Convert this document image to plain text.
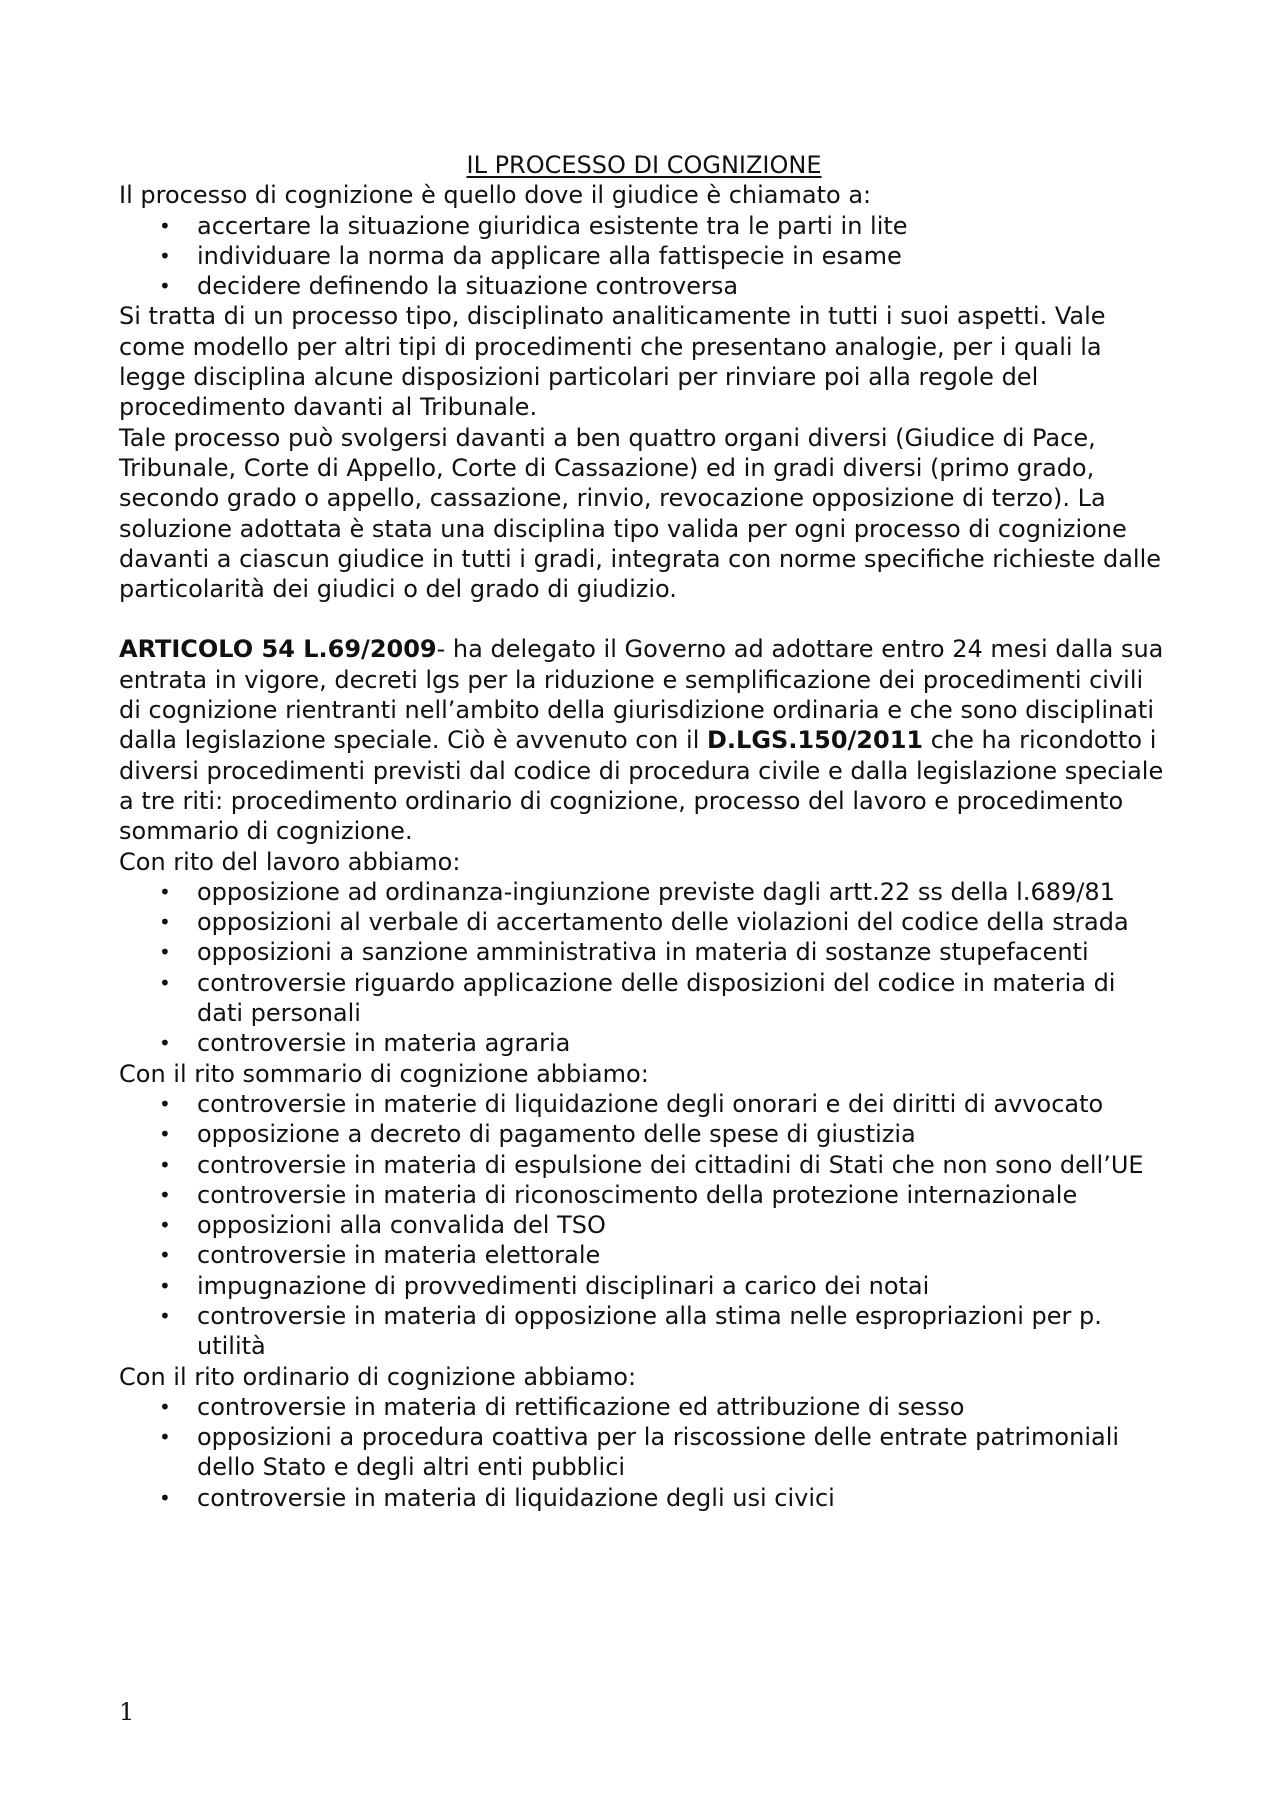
IL PROCESSO DI COGNIZIONE

Il processo di cognizione è quello dove il giudice è chiamato a:

• accertare la situazione giuridica esistente tra le parti in lite
• individuare la norma da applicare alla fattispecie in esame
• decidere definendo la situazione controversa

Si tratta di un processo tipo, disciplinato analiticamente in tutti i suoi aspetti. Vale come modello per altri tipi di procedimenti che presentano analogie, per i quali la legge disciplina alcune disposizioni particolari per rinviare poi alla regole del procedimento davanti al Tribunale.

Tale processo può svolgersi davanti a ben quattro organi diversi (Giudice di Pace, Tribunale, Corte di Appello, Corte di Cassazione) ed in gradi diversi (primo grado, secondo grado o appello, cassazione, rinvio, revocazione opposizione di terzo). La soluzione adottata è stata una disciplina tipo valida per ogni processo di cognizione davanti a ciascun giudice in tutti i gradi, integrata con norme specifiche richieste dalle particolarità dei giudici o del grado di giudizio.

ARTICOLO 54 L.69/2009- ha delegato il Governo ad adottare entro 24 mesi dalla sua entrata in vigore, decreti lgs per la riduzione e semplificazione dei procedimenti civili di cognizione rientranti nell’ambito della giurisdizione ordinaria e che sono disciplinati dalla legislazione speciale. Ciò è avvenuto con il D.LGS.150/2011 che ha ricondotto i diversi procedimenti previsti dal codice di procedura civile e dalla legislazione speciale a tre riti: procedimento ordinario di cognizione, processo del lavoro e procedimento sommario di cognizione.

Con rito del lavoro abbiamo:

• opposizione ad ordinanza-ingiunzione previste dagli artt.22 ss della l.689/81
• opposizioni al verbale di accertamento delle violazioni del codice della strada
• opposizioni a sanzione amministrativa in materia di sostanze stupefacenti
• controversie riguardo applicazione delle disposizioni del codice in materia di dati personali
• controversie in materia agraria

Con il rito sommario di cognizione abbiamo:

• controversie in materie di liquidazione degli onorari e dei diritti di avvocato
• opposizione a decreto di pagamento delle spese di giustizia
• controversie in materia di espulsione dei cittadini di Stati che non sono dell’UE
• controversie in materia di riconoscimento della protezione internazionale
• opposizioni alla convalida del TSO
• controversie in materia elettorale
• impugnazione di provvedimenti disciplinari a carico dei notai
• controversie in materia di opposizione alla stima nelle espropriazioni per p. utilità

Con il rito ordinario di cognizione abbiamo:

• controversie in materia di rettificazione ed attribuzione di sesso
• opposizioni a procedura coattiva per la riscossione delle entrate patrimoniali dello Stato e degli altri enti pubblici
• controversie in materia di liquidazione degli usi civici
1
